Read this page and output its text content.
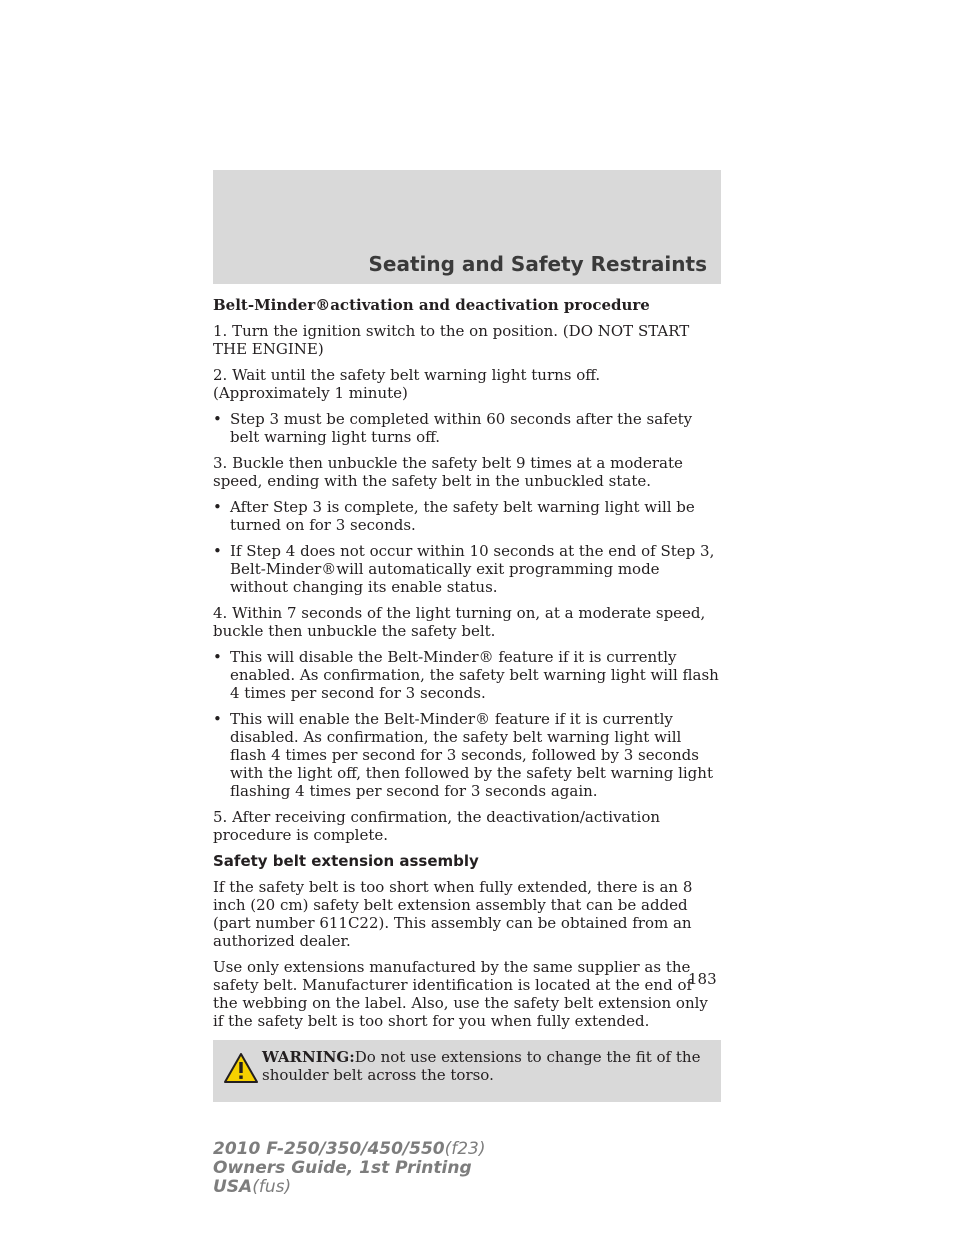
Seating and Safety Restraints

Belt-Minder®activation and deactivation procedure

1. Turn the ignition switch to the on position. (DO NOT START THE ENGINE)

2. Wait until the safety belt warning light turns off. (Approximately 1 minute)

• Step 3 must be completed within 60 seconds after the safety belt warning light turns off.

3. Buckle then unbuckle the safety belt 9 times at a moderate speed, ending with the safety belt in the unbuckled state.

• After Step 3 is complete, the safety belt warning light will be turned on for 3 seconds.
• If Step 4 does not occur within 10 seconds at the end of Step 3, Belt-Minder®will automatically exit programming mode without changing its enable status.

4. Within 7 seconds of the light turning on, at a moderate speed, buckle then unbuckle the safety belt.

• This will disable the Belt-Minder® feature if it is currently enabled. As confirmation, the safety belt warning light will flash 4 times per second for 3 seconds.
• This will enable the Belt-Minder® feature if it is currently disabled. As confirmation, the safety belt warning light will flash 4 times per second for 3 seconds, followed by 3 seconds with the light off, then followed by the safety belt warning light flashing 4 times per second for 3 seconds again.

5. After receiving confirmation, the deactivation/activation procedure is complete.

Safety belt extension assembly

If the safety belt is too short when fully extended, there is an 8 inch (20 cm) safety belt extension assembly that can be added (part number 611C22). This assembly can be obtained from an authorized dealer.

Use only extensions manufactured by the same supplier as the safety belt. Manufacturer identification is located at the end of the webbing on the label. Also, use the safety belt extension only if the safety belt is too short for you when fully extended.

WARNING:Do not use extensions to change the fit of the shoulder belt across the torso.
183
2010 F-250/350/450/550(f23)
Owners Guide, 1st Printing
USA(fus)
